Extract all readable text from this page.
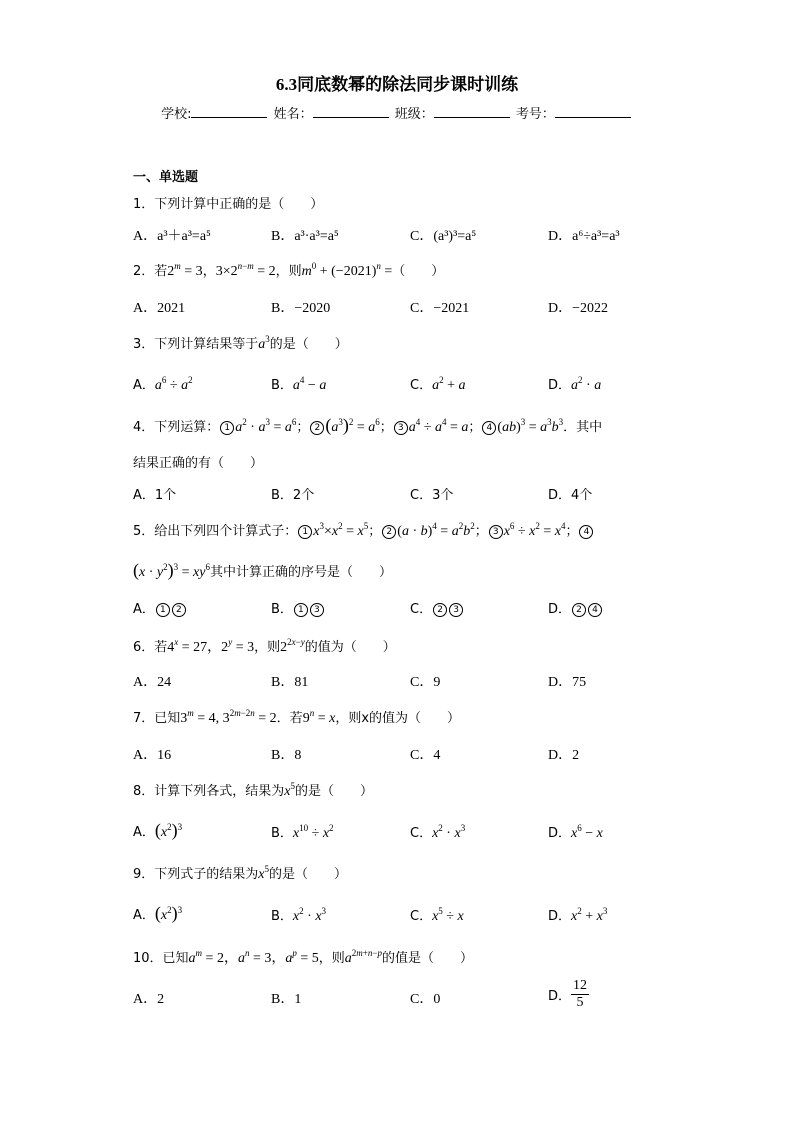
6.3同底数幂的除法同步课时训练
学校:	姓名：	班级：	考号：
一、单选题
1．下列计算中正确的是（　　）
A．a³＋a³=a⁵	B．a³·a³=a⁵	C．(a³)³=a⁵	D．a⁶÷a³=a³
2．若$2^m = 3$，$3\times 2^{n-m} = 2$，则$m^0 + (-2021)^n$ =（　　）
A．2021	B．−2020	C．−2021	D．−2022
3．下列计算结果等于$a^3$的是（　　）
A．$a^6 \div a^2$	B．$a^4 - a$	C．$a^2 + a$	D．$a^2 \cdot a$
4．下列运算： 1 $a^2 \cdot a^3 = a^6$； 2 $(a^3)^2 = a^6$； 3 $a^4 \div a^4 = a$； 4 $(ab)^3 = a^3b^3$．其中
结果正确的有（　　）
A．1个	B．2个	C．3个	D．4个
5．给出下列四个计算式子： 1 $x^3\times x^2 = x^5$； 2 $(a \cdot b)^4 = a^2b^2$； 3 $x^6 \div x^2 = x^4$； 4
$(x \cdot y^2)^3 = xy^6$其中计算正确的序号是（　　）
A． 1 2	B． 1 3	C． 2 3	D． 2 4
6．若$4^x = 27$，$2^y = 3$，则$2^{2x-y}$的值为（　　）
A．24	B．81	C．9	D．75
7．已知$3^m = 4$, $3^{2m-2n} = 2$．若$9^n = x$，则x的值为（　　）
A．16	B．8	C．4	D．2
8．计算下列各式，结果为$x^5$的是（　　）
A．$(x^2)^3$	B．$x^{10} \div x^2$	C．$x^2 \cdot x^3$	D．$x^6 - x$
9．下列式子的结果为$x^5$的是（　　）
A．$(x^2)^3$	B．$x^2 \cdot x^3$	C．$x^5 \div x$	D．$x^2 + x^3$
10．已知$a^m = 2$，$a^n = 3$，$a^p = 5$，则$a^{2m+n-p}$的值是（　　）
A．2	B．1	C．0	D． $\frac{12}{5}$
